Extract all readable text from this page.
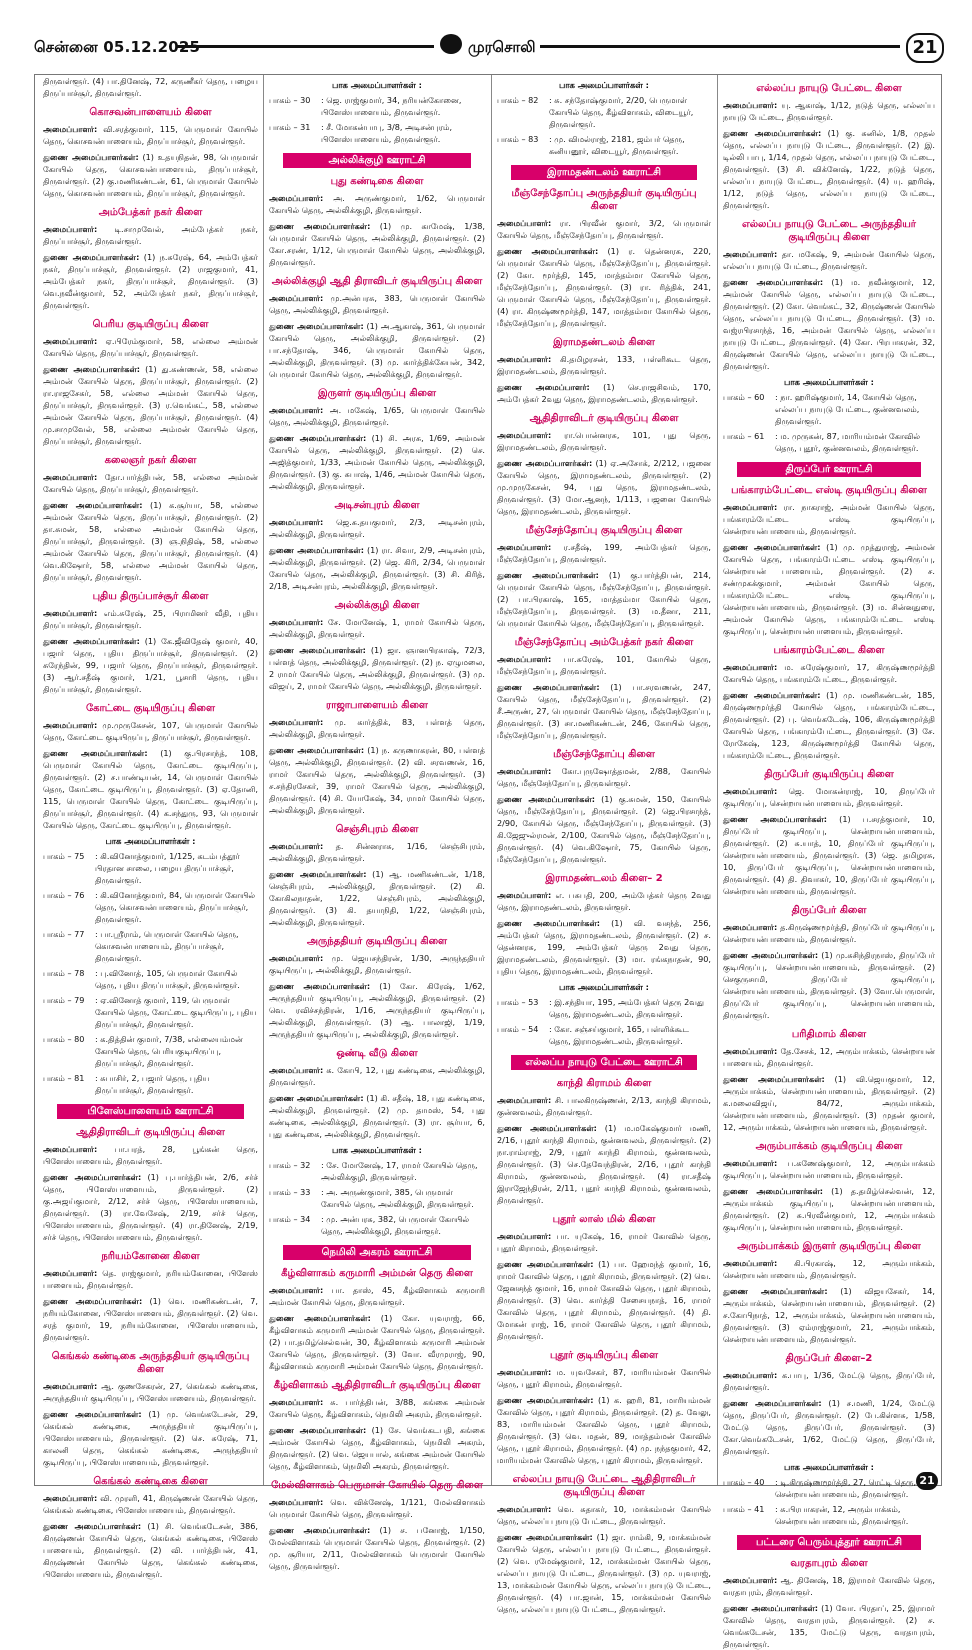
சென்னை 05.12.2025	முரசொலி	21

திருவள்ளூர். (4) பா.தினேஷ், 72, கருணீகர் தெரு, பழைய திருப்பாச்சூர், திருவள்ளூர்.

கொசவன்பாளையம் கிளை

அமைப்பாளர்: வி.சரத்குமார், 115, பெருமாள் கோயில் தெரு, கொசவன்பாளையம், திருப்பாச்சூர், திருவள்ளூர்.

துணை அமைப்பாளர்கள்: (1) உதயநிதன், 98, பெருமாள் கோயில் தெரு, கொசவன்பாளையம், திருப்பாச்சூர், திருவள்ளூர். (2) கு.மணிகண்டன், 61, பெருமாள் கோயில் தெரு, கொசவன்பாளையம், திருப்பாச்சூர், திருவள்ளூர்.

அம்பேத்கர் நகர் கிளை

அமைப்பாளர்: டி.சாமுவேல், அம்பேத்கர் நகர், திருப்பாச்சூர், திருவள்ளூர்.

துணை அமைப்பாளர்கள்: (1) ந.சுரேஷ், 64, அம்பேத்கர் நகர், திருப்பாச்சூர், திருவள்ளூர். (2) ராஜகுமார், 41, அம்பேத்கர் நகர், திருப்பாச்சூர், திருவள்ளூர். (3) வெ.நவீன்குமார், 52, அம்பேத்கர் நகர், திருப்பாச்சூர், திருவள்ளூர்.

பெரிய குடியிருப்பு கிளை

அமைப்பாளர்: ஏ.பிரேம்குமார், 58, எல்லை அம்மன் கோயில் தெரு, திருப்பாச்சூர், திருவள்ளூர்.

துணை அமைப்பாளர்கள்: (1) து.கண்ணன், 58, எல்லை அம்மன் கோயில் தெரு, திருப்பாச்சூர், திருவள்ளூர். (2) ரா.ராஜசேகர், 58, எல்லை அம்மன் கோயில் தெரு, திருப்பாச்சூர், திருவள்ளூர். (3) ர.வெங்கட், 58, எல்லை அம்மன் கோயில் தெரு, திருப்பாச்சூர், திருவள்ளூர். (4) மு.சாமுவேல், 58, எல்லை அம்மன் கோயில் தெரு, திருப்பாச்சூர், திருவள்ளூர்.

கலைஞர் நகர் கிளை

அமைப்பாளர்: தோ.பார்த்திபன், 58, எல்லை அம்மன் கோயில் தெரு, திருப்பாச்சூர், திருவள்ளூர்.

துணை அமைப்பாளர்கள்: (1) க.சூர்யா, 58, எல்லை அம்மன் கோயில் தெரு, திருப்பாச்சூர், திருவள்ளூர். (2) தா.சுமன், 58, எல்லை அம்மன் கோயில் தெரு, திருப்பாச்சூர், திருவள்ளூர். (3) ஞ.நிதிஷ், 58, எல்லை அம்மன் கோயில் தெரு, திருப்பாச்சூர், திருவள்ளூர். (4) வெ.கிஷோர், 58, எல்லை அம்மன் கோயில் தெரு, திருப்பாச்சூர், திருவள்ளூர்.

புதிய திருப்பாச்சூர் கிளை

அமைப்பாளர்: எம்.சுரேஷ், 25, பிராமினர் வீதி, புதிய திருப்பாச்சூர், திருவள்ளூர்.

துணை அமைப்பாளர்கள்: (1) கே.ஜீவிதேஷ் குமார், 40, பஜார் தெரு, புதிய திருப்பாச்சூர், திருவள்ளூர். (2) சுரேந்தின், 99, பஜார் தெரு, திருப்பாச்சூர், திருவள்ளூர். (3) ஆர்.சதீஷ் குமார், 1/21, பூசாரி தெரு, புதிய திருப்பாச்சூர், திருவள்ளூர்.

கோட்டை குடியிருப்பு கிளை

அமைப்பாளர்: மு.முருகேசன், 107, பெருமாள் கோயில் தெரு, கோட்டை குடியிருப்பு, திருப்பாச்சூர், திருவள்ளூர்.

துணை அமைப்பாளர்கள்: (1) கு.பிரசாந்த், 108, பெருமாள் கோயில் தெரு, கோட்டை குடியிருப்பு, திருவள்ளூர். (2) ச.பாண்டியன், 14, பெருமாள் கோயில் தெரு, கோட்டை குடியிருப்பு, திருவள்ளூர். (3) ஏ.தோனி, 115, பெருமாள் கோயில் தெரு, கோட்டை குடியிருப்பு, திருப்பாச்சூர், திருவள்ளூர். (4) க.சந்துரு, 93, பெருமாள் கோயில் தெரு, கோட்டை குடியிருப்பு, திருவள்ளூர்.

பாக அமைப்பாளர்கள் :
பாகம் – 75	: கி.வினோத்குமார், 1/125, கடம்பத்தூர் பிரதான சாலை, பழைய திருப்பாச்சூர், திருவள்ளூர்.
பாகம் – 76	: கி.வினோத்குமார், 84, பெருமாள் கோயில் தெரு, கொசவன்பாளையம், திருப்பாச்சூர், திருவள்ளூர்.
பாகம் – 77	: பா.ஸ்ரீராம், பெருமாள் கோயில் தெரு, கொசவன்பாளையம், திருப்பாச்சூர், திருவள்ளூர்.
பாகம் – 78	: பு.வினோத், 105, பெருமாள் கோயில் தெரு, புதிய திருப்பாச்சூர், திருவள்ளூர்.
பாகம் – 79	: ஏ.வினோத் குமார், 119, பெருமாள் கோயில் தெரு, கோட்டை குடியிருப்பு, புதிய திருப்பாச்சூர், திருவள்ளூர்.
பாகம் – 80	: க.தித்தின் குமார், 7/38, எல்லையம்மன் கோயில் தெரு, பெரியகுடியிருப்பு, திருப்பாச்சூர், திருவள்ளூர்.
பாகம் – 81	: சுபாசிர், 2, பஜார் தெரு, புதிய திருப்பாச்சூர், திருவள்ளூர்.
பிளேஸ்பாளையம் ஊராட்சி
ஆதிதிராவிடர் குடியிருப்பு கிளை

அமைப்பாளர்: பா.பரத், 28, பூங்கன் தெரு, பிளேஸ்பாளையம், திருவள்ளூர்.

துணை அமைப்பாளர்கள்: (1) பு.பார்த்திபன், 2/6, சர்ச் தெரு, பிளேஸ்பாளையம், திருவள்ளூர். (2) கு.அஜய்குமார், 2/12, சர்ச் தெரு, பிளேஸ்பாளையம், திருவள்ளூர். (3) ரா.வேசேஷ், 2/19, சர்ச் தெரு, பிளேஸ்பாளையம், திருவள்ளூர். (4) ரா.தினேஷ், 2/19, சர்ச் தெரு, பிளேஸ்பாளையம், திருவள்ளூர்.

நரியம்கோனை கிளை

அமைப்பாளர்: தெ. ராஜ்குமார், நரியம்கோனை, பிளேஸ் பாளையம், திருவள்ளூர்.

துணை அமைப்பாளர்கள்: (1) வெ. மணிகண்டன், 7, நரியம்கோனை, பிளேஸ்பாளையம், திருவள்ளூர். (2) வெ. சரத் குமார், 19, நரியம்கோனை, பிளேஸ்பாளையம், திருவள்ளூர்.

கெங்கல் கண்டிகை அருந்ததியர் குடியிருப்பு கிளை

அமைப்பாளர்: ஆ. குணசேகரன், 27, கெங்கல் கண்டிகை, அருந்ததியர் குடியிருப்பு, பிளேஸ்பாளையம், திருவள்ளூர்.

துணை அமைப்பாளர்கள்: (1) மு. வெங்கடேசன், 29, கெங்கல் கண்டிகை, அருந்ததியர் குடியிருப்பு, பிளேஸ்பாளையம், திருவள்ளூர். (2) செ. சுரேஷ், 71, காலனி தெரு, கெங்கல் கண்டிகை, அருந்ததியர் குடியிருப்பு, பிளேஸ்பாளையம், திருவள்ளூர்.

கெங்கல் கண்டிகை கிளை

அமைப்பாளர்: வி. முரளி, 41, கிருஷ்ணன் கோயில் தெரு, கெங்கல் கண்டிகை, பிளேஸ்பாளையம், திருவள்ளூர்.

துணை அமைப்பாளர்கள்: (1) சி. வெங்கடேசன், 386, கிருஷ்ணன் கோயில் தெரு, கெங்கல் கண்டிகை, பிளேஸ் பாளையம், திருவள்ளூர். (2) வி. பார்த்திபன், 41, கிருஷ்ணன் கோயில் தெரு, கெங்கல் கண்டிகை, பிளேஸ்பாளையம், திருவள்ளூர்.

பாக அமைப்பாளர்கள் :
பாகம் – 30	: ஜெ. ராஜ்குமார், 34, நரியன்கோனை, பிளேஸ்பாளையம், திருவள்ளூர்.
பாகம் – 31	: சீ. மோகன்பாபு, 3/8, அடிசன்புரம், பிளேஸ்பாளையம், திருவள்ளூர்.
அல்லிக்குழி ஊராட்சி
புது கண்டிகை கிளை

அமைப்பாளர்: அ. அருண்குமார், 1/62, பெருமாள் கோயில் தெரு, அல்லிக்குழி, திருவள்ளூர்.

துணை அமைப்பாளர்கள்: (1) மு. காமேஷ், 1/38, பெருமாள் கோயில் தெரு, அல்லிக்குழி, திருவள்ளூர். (2) கோ.சரண், 1/12, பெருமாள் கோயில் தெரு, அல்லிக்குழி, திருவள்ளூர்.

அல்லிக்குழி ஆதி திராவிடர் குடியிருப்பு கிளை

அமைப்பாளர்: மு.அன்பரசு, 383, பெருமாள் கோயில் தெரு, அல்லிக்குழி, திருவள்ளூர்.

துணை அமைப்பாளர்கள்: (1) அ.ஆகாஷ், 361, பெருமாள் கோயில் தெரு, அல்லிக்குழி, திருவள்ளூர். (2) பா.சந்தோஷ், 346, பெருமாள் கோயில் தெரு, அல்லிக்குழி, திருவள்ளூர். (3) மு. கார்த்திக்கேயன், 342, பெருமாள் கோயில் தெரு, அல்லிக்குழி, திருவள்ளூர்.

இருளர் குடியிருப்பு கிளை

அமைப்பாளர்: அ. மகேஷ், 1/65, பெருமாள் கோயில் தெரு, அல்லிக்குழி, திருவள்ளூர்.

துணை அமைப்பாளர்கள்: (1) சி. அரசு, 1/69, அம்மன் கோயில் தெரு, அல்லிக்குழி, திருவள்ளூர். (2) செ. அஜித்குமார், 1/33, அம்மன் கோயில் தெரு, அல்லிக்குழி, திருவள்ளூர். (3) கு. சுபாஷ், 1/46, அம்மன் கோயில் தெரு, அல்லிக்குழி, திருவள்ளூர்.

அடிசன்புரம் கிளை

அமைப்பாளர்: ஜெ.சு.தயகுமார், 2/3, அடிசன்புரம், அல்லிக்குழி, திருவள்ளூர்.

துணை அமைப்பாளர்கள்: (1) ரா. சிவா, 2/9, அடிசன்புரம், அல்லிக்குழி, திருவள்ளூர். (2) ஜெ. கிரி, 2/34, பெருமாள் கோயில் தெரு, அல்லிக்குழி, திருவள்ளூர். (3) சி. கிரித், 2/18, அடிசன்புரம், அல்லிக்குழி, திருவள்ளூர்.

அல்லிக்குழி கிளை

அமைப்பாளர்: சே. மோனேஷ், 1, ராமர் கோயில் தெரு, அல்லிக்குழி, திருவள்ளூர்.

துணை அமைப்பாளர்கள்: (1) ஜா. ஞானபிரகாஷ், 72/3, பள்ளத் தெரு, அல்லிக்குழி, திருவள்ளூர். (2) ந. ஏழுமலை, 2 ராமர் கோயில் தெரு, அல்லிக்குழி, திருவள்ளூர். (3) மு. விஜய், 2, ராமர் கோயில் தெரு, அல்லிக்குழி, திருவள்ளூர்.

ராஜாபாளையம் கிளை

அமைப்பாளர்: மு. கார்த்திக், 83, பள்ளத் தெரு, அல்லிக்குழி, திருவள்ளூர்.

துணை அமைப்பாளர்கள்: (1) ந. கருணாகரன், 80, பள்ளத் தெரு, அல்லிக்குழி, திருவள்ளூர். (2) வி. சரவணன், 16, ராமர் கோயில் தெரு, அல்லிக்குழி, திருவள்ளூர். (3) ச.சந்திரசேகர், 39, ராமர் கோயில் தெரு, அல்லிக்குழி, திருவள்ளூர். (4) சி. யோகேஷ், 34, ராமர் கோயில் தெரு, அல்லிக்குழி, திருவள்ளூர்.

செஞ்சிபுரம் கிளை

அமைப்பாளர்: த. சின்னராசு, 1/16, செஞ்சிபுரம், அல்லிக்குழி, திருவள்ளூர்.

துணை அமைப்பாளர்கள்: (1) ஆ. மணிகண்டன், 1/18, செஞ்சிபுரம், அல்லிக்குழி, திருவள்ளூர். (2) கி. கோகிலநாதன், 1/22, செஞ்சிபுரம், அல்லிக்குழி, திருவள்ளூர். (3) கி. தயாநிதி, 1/22, செஞ்சிபுரம், அல்லிக்குழி, திருவள்ளூர்.

அருந்ததியர் குடியிருப்பு கிளை

அமைப்பாளர்: மு. ஜெயசந்திரன், 1/30, அருந்ததியர் குடியிருப்பு, அல்லிக்குழி, திருவள்ளூர்.

துணை அமைப்பாளர்கள்: (1) கோ. கிரேஷ், 1/62, அருந்ததியர் குடியிருப்பு, அல்லிக்குழி, திருவள்ளூர். (2) வெ. ரவிச்சந்திரன், 1/16, அருந்ததியர் குடியிருப்பு, அல்லிக்குழி, திருவள்ளூர். (3) ஆ. பாலாஜி, 1/19, அருந்ததியர் குடியிருப்பு, அல்லிக்குழி, திருவள்ளூர்.

ஒண்டி வீடு கிளை

அமைப்பாளர்: க. கோபி, 12, புது கண்டிகை, அல்லிக்குழி, திருவள்ளூர்.

துணை அமைப்பாளர்கள்: (1) கி. சதீஷ், 18, புது கண்டிகை, அல்லிக்குழி, திருவள்ளூர். (2) மு. தாமஸ், 54, புது கண்டிகை, அல்லிக்குழி, திருவள்ளூர். (3) ரா. சூர்யா, 6, புது கண்டிகை, அல்லிக்குழி, திருவள்ளூர்.

பாக அமைப்பாளர்கள் :
பாகம் – 32	: சே. மோனேஷ், 17, ராமர் கோயில் தெரு, அல்லிக்குழி, திருவள்ளூர்.
பாகம் – 33	: அ. அருண்குமார், 385, பெருமாள் கோயில் தெரு, அல்லிக்குழி, திருவள்ளூர்.
பாகம் – 34	: மு. அன்பரசு, 382, பெருமாள் கோயில் தெரு, அல்லிக்குழி, திருவள்ளூர்.
நெமிலி அகரம் ஊராட்சி
கீழ்விளாகம் கருமாரி அம்மன் தெரு கிளை

அமைப்பாளர்: பா. தாஸ், 45, கீழ்விளாகம் கருமாரி அம்மன் கோயில் தெரு, திருவள்ளூர்.

துணை அமைப்பாளர்கள்: (1) கோ. யுவராஜ், 66, கீழ்விளாகம் கருமாரி அம்மன் கோயில் தெரு, திருவள்ளூர். (2) பா.தமிழ்செல்வன், 30, கீழ்விளாகம் கருமாரி அம்மன் கோயில் தெரு, திருவள்ளூர். (3) வோ. வீரமுராஜ், 90, கீழ்விளாகம் கருமாரி அம்மன் கோயில் தெரு, திருவள்ளூர்.

கீழ்விளாகம் ஆதிதிராவிடர் குடியிருப்பு கிளை

அமைப்பாளர்: சு. பார்த்திபன், 3/88, கங்கை அம்மன் கோயில் தெரு, கீழ்விளாகம், நெமிலி அகரம், திருவள்ளூர்.

துணை அமைப்பாளர்கள்: (1) சே. வெங்கடபதி, கங்கை அம்மன் கோயில் தெரு, கீழ்விளாகம், நெமிலி அகரம், திருவள்ளூர். (2) வெ. ஜெயபால், கங்கை அம்மன் கோயில் தெரு, கீழ்விளாகம், நெமிலி அகரம், திருவள்ளூர்.

மேல்விளாகம் பெருமாள் கோயில் தெரு கிளை

அமைப்பாளர்: வெ. விக்னேஷ், 1/121, மேல்விளாகம் பெருமாள் கோயில் தெரு, திருவள்ளூர்.

துணை அமைப்பாளர்கள்: (1) ச. பனோஜ், 1/150, மேல்விளாகம் பெருமாள் கோயில் தெரு, திருவள்ளூர். (2) மு. சூரியா, 2/11, மேல்விளாகம் பெருமாள் கோயில் தெரு, திருவள்ளூர்.

பாக அமைப்பாளர்கள் :
பாகம் – 82	: சு. சந்தோஷ்குமார், 2/20, பெருமாள் கோயில் தெரு, கீழ்விளாகம், விடையூர், திருவள்ளூர்.
பாகம் – 83	: மு. விமல்ராஜ், 2181, ஜம்பர் தெரு, கனியனூர், விடையூர், திருவள்ளூர்.
இராமதண்டலம் ஊராட்சி
மீஞ்சேந்தோப்பு அருந்ததியர் குடியிருப்பு கிளை

அமைப்பாளர்: ரா. பிரவீன் குமார், 3/2, பெருமாள் கோயில் தெரு, மீஞ்சேந்தோப்பு, திருவள்ளூர்.

துணை அமைப்பாளர்கள்: (1) ர. தென்னரசு, 220, பெருமாள் கோயில் தெரு, மீஞ்சேந்தோப்பு, திருவள்ளூர். (2) கோ. மூர்த்தி, 145, மாத்தம்மா கோயில் தெரு, மீஞ்சேந்தோப்பு, திருவள்ளூர். (3) ரா. ரித்திக், 241, பெருமாள் கோயில் தெரு, மீஞ்சேந்தோப்பு, திருவள்ளூர். (4) ரா. கிருஷ்ணமூர்த்தி, 147, மாத்தம்மா கோயில் தெரு, மீஞ்சேந்தோப்பு, திருவள்ளூர்.

இராமதண்டலம் கிளை

அமைப்பாளர்: கி.தமிழரசன், 133, பள்ளிகூட தெரு, இராமதண்டலம், திருவள்ளூர்.

துணை அமைப்பாளர்: (1) செ.ராஜசிவம், 170, அம்பேத்கர் 2வது தெரு, இராமதண்டலம், திருவள்ளூர்.

ஆதிதிராவிடர் குடியிருப்பு கிளை

அமைப்பாளர்: ரா.பொன்னரசு, 101, புது தெரு, இராமதண்டலம், திருவள்ளூர்.

துணை அமைப்பாளர்கள்: (1) ஏ.அசோக், 2/212, பஜனை கோயில் தெரு, இராமதண்டலம், திருவள்ளூர். (2) மு.முருகேசன், 94, புது தெரு, இராமதண்டலம், திருவள்ளூர். (3) மோ.ஆனந், 1/113, பஜனை கோயில் தெரு, இராமதண்டலம், திருவள்ளூர்.

மீஞ்சேந்தோப்பு குடியிருப்பு கிளை

அமைப்பாளர்: ர.சதீஷ், 199, அம்பேத்கர் தெரு, மீஞ்சேந்தோப்பு, திருவள்ளூர்.

துணை அமைப்பாளர்கள்: (1) கு.பார்த்திபன், 214, பெருமாள் கோயில் தெரு, மீஞ்சேந்தோப்பு, திருவள்ளூர். (2) பா.பிரகாஷ், 165, மாத்தம்மா கோயில் தெரு, மீஞ்சேந்தோப்பு, திருவள்ளூர். (3) ம.தீனா, 211, பெருமாள் கோயில் தெரு, மீஞ்சேந்தோப்பு, திருவள்ளூர்.

மீஞ்சேந்தோப்பு அம்பேத்கர் நகர் கிளை

அமைப்பாளர்: பா.சுரேஷ், 101, கோயில் தெரு, மீஞ்சேந்தோப்பு, திருவள்ளூர்.

துணை அமைப்பாளர்கள்: (1) பா.சரவணன், 247, கோயில் தெரு, மீஞ்சேந்தோப்பு, திருவள்ளூர். (2) சீ.அருண், 27, பெருமாள் கோயில் தெரு, மீஞ்சேந்தோப்பு, திருவள்ளூர். (3) சா.மணிகண்டன், 246, கோயில் தெரு, மீஞ்சேந்தோப்பு, திருவள்ளூர்.

மீஞ்சேந்தோப்பு கிளை

அமைப்பாளர்: கோ.புருஷோத்தமன், 2/88, கோயில் தெரு, மீஞ்சேந்தோப்பு, திருவள்ளூர்.

துணை அமைப்பாளர்கள்: (1) கு.சுமன், 150, கோயில் தெரு, மீஞ்சேந்தோப்பு, திருவள்ளூர். (2) ஜெ.பிரசாந்த், 2/90, கோயில் தெரு, மீஞ்சேந்தோப்பு, திருவள்ளூர். (3) கி.ஜேஜுல்ரமன், 2/100, கோயில் தெரு, மீஞ்சேந்தோப்பு, திருவள்ளூர். (4) வெ.கிஷோர், 75, கோயில் தெரு, மீஞ்சேந்தோப்பு, திருவள்ளூர்.

இராமதண்டலம் கிளை– 2

அமைப்பாளர்: எ. பசுபதி, 200, அம்பேத்கர் தெரு 2வது தெரு, இராமதண்டலம், திருவள்ளூர்.

துணை அமைப்பாளர்கள்: (1) வி. வசந்த், 256, அம்பேத்கர் தெரு, இராமதண்டலம், திருவள்ளூர். (2) ச. தென்னரசு, 199, அம்பேத்கர் தெரு 2வது தெரு, இராமதண்டலம், திருவள்ளூர். (3) மா. ரங்கநாதன், 90, புதிய தெரு, இராமதண்டலம், திருவள்ளூர்.

பாக அமைப்பாளர்கள் :
பாகம் – 53	: இ.சந்தியா, 195, அம்பேத்கர் தெரு 2வது தெரு, இராமதண்டலம், திருவள்ளூர்.
பாகம் – 54	: கோ. சஞ்சய்குமார், 165, பள்ளிக்கூட தெரு, இராமதண்டலம், திருவள்ளூர்.
எல்லப்ப நாயுடு பேட்டை ஊராட்சி
காந்தி கிராமம் கிளை

அமைப்பாளர்: சி. பாலகிருஷ்ணன், 2/13, காந்தி கிராமம், குன்னவலம், திருவள்ளூர்.

துணை அமைப்பாளர்கள்: (1) ம.மகேஷ்குமார் மணி, 2/16, புதூர் காந்தி கிராமம், குன்னவலம், திருவள்ளூர். (2) நா.ராம்ராஜ், 2/9, புதூர் காந்தி கிராமம், குன்னவலம், திருவள்ளூர். (3) செ.தேவேந்திரன், 2/16, புதூர் காந்தி கிராமம், குன்னவலம், திருவள்ளூர். (4) ரா.சதீஷ் இராஜேந்திரன், 2/11, புதூர் காந்தி கிராமம், குன்னவலம், திருவள்ளூர்.

புதூர் லாஸ் மில் கிளை

அமைப்பாளர்: பா. யுகேஷ், 16, ராமர் கோவில் தெரு, புதூர் கிராமம், திருவள்ளூர்.

துணை அமைப்பாளர்கள்: (1) பா. ஹேமந்த் குமார், 16, ராமர் கோவில் தெரு, புதூர் கிராமம், திருவள்ளூர். (2) வெ. ஜேனசந்த் குமார், 16, ராமர் கோவில் தெரு, புதூர் கிராமம், திருவள்ளூர். (3) வெ. கார்த்தி சேசையநாத், 16, ராமர் கோவில் தெரு, புதூர் கிராமம், திருவள்ளூர். (4) தி. மோகன் ராஜ், 16, ராமர் கோவில் தெரு, புதூர் கிராமம், திருவள்ளூர்.

புதூர் குடியிருப்பு கிளை

அமைப்பாளர்: ம. யுவசேகர், 87, மாரியம்மன் கோயில் தெரு, புதூர் கிராமம், திருவள்ளூர்.

துணை அமைப்பாளர்கள்: (1) க. ஹரி, 81, மாரியம்மன் கோவில் தெரு, புதூர் கிராமம், திருவள்ளூர். (2) த. வேலு, 83, மாரியம்மன் கோவில் தெரு, புதூர் கிராமம், திருவள்ளூர். (3) வெ. மதன், 89, மாத்தம்மன் கோவில் தெரு, புதூர் கிராமம், திருவள்ளூர். (4) மு. நந்தகுமார், 42, மாரியம்மன் கோவில் தெரு, புதூர் கிராமம், திருவள்ளூர்.

எல்லப்ப நாயுடு பேட்டை ஆதிதிராவிடர் குடியிருப்பு கிளை

அமைப்பாளர்: வெ. சுதாகர், 10, மாக்கம்மன் கோயில் தெரு, எல்லப்ப நாயுடு பேட்டை, திருவள்ளூர்.

துணை அமைப்பாளர்கள்: (1) ஜா. ராம்கி, 9, மாக்கம்மன் கோயில் தெரு, எல்லப்ப நாயுடு பேட்டை, திருவள்ளூர். (2) வெ. ரமேஷ்குமார், 12, மாக்கம்மன் கோயில் தெரு, எல்லப்ப நாயுடு பேட்டை, திருவள்ளூர். (3) மு. யுவராஜ், 13, மாக்கம்மன் கோயில் தெரு, எல்லப்ப நாயுடு பேட்டை, திருவள்ளூர். (4) பா.ஜான், 15, மாக்கம்மன் கோயில் தெரு, எல்லப்ப நாயுடு பேட்டை, திருவள்ளூர்.

எல்லப்ப நாயுடு பேட்டை கிளை

அமைப்பாளர்: யு. ஆகாஷ், 1/12, நடுத் தெரு, எல்லப்ப நாயுடு பேட்டை, திருவள்ளூர்.

துணை அமைப்பாளர்கள்: (1) கு. சுனில், 1/8, முதல் தெரு, எல்லப்ப நாயுடு பேட்டை, திருவள்ளூர். (2) இ. டில்லி பாபு, 1/14, முதல் தெரு, எல்லப்ப நாயுடு பேட்டை, திருவள்ளூர். (3) சி. விக்னேஷ், 1/22, நடுத் தெரு, எல்லப்ப நாயுடு பேட்டை, திருவள்ளூர். (4) யு. ஹரிஷ், 1/12, நடுத் தெரு, எல்லப்ப நாயுடு பேட்டை, திருவள்ளூர்.

எல்லப்ப நாயுடு பேட்டை அருந்ததியர் குடியிருப்பு கிளை

அமைப்பாளர்: தா. மகேஷ், 9, அம்மன் கோயில் தெரு, எல்லப்ப நாயுடு பேட்டை, திருவள்ளூர்.

துணை அமைப்பாளர்கள்: (1) ம. நவீன்குமார், 12, அம்மன் கோயில் தெரு, எல்லப்ப நாயுடு பேட்டை, திருவள்ளூர். (2) கோ. வெங்கட், 32, கிருஷ்ணன் கோயில் தெரு, எல்லப்ப நாயுடு பேட்டை, திருவள்ளூர். (3) ம. வஜ்ரபிரசாந்த், 16, அம்மன் கோயில் தெரு, எல்லப்ப நாயுடு பேட்டை, திருவள்ளூர். (4) கோ. பிரபாகரன், 32, கிருஷ்ணன் கோயில் தெரு, எல்லப்ப நாயுடு பேட்டை, திருவள்ளூர்.

பாக அமைப்பாளர்கள் :
பாகம் – 60	: நா. ஹரிஷ்குமார், 14, கோயில் தெரு, எல்லப்ப நாயுடு பேட்டை, குன்னவலம், திருவள்ளூர்.
பாகம் – 61	: ம. முருகன், 87, மாரியம்மன் கோவில் தெரு, புதூர், குன்னவலம், திருவள்ளூர்.
திருப்பேர் ஊராட்சி
பங்காரம்பேட்டை எஸ்டி குடியிருப்பு கிளை

அமைப்பாளர்: ரா. நாகராஜ், அம்மன் கோயில் தெரு, பங்காரம்பேட்டை எஸ்டி குடியிருப்பு, சென்றாயன்பாளையம், திருவள்ளூர்.

துணை அமைப்பாளர்கள்: (1) மு. முத்துராஜ், அம்மன் கோயில் தெரு, பங்காரம்பேட்டை எஸ்டி குடியிருப்பு, சென்றாயன் பாளையம், திருவள்ளூர். (2) ச. சண்முகக்குமார், அம்மன் கோயில் தெரு, பங்காரம்பேட்டை எஸ்டி குடியிருப்பு, சென்றாயன்பாளையம், திருவள்ளூர். (3) ம. சின்னதுரை, அம்மன் கோயில் தெரு, பங்காரம்பேட்டை எஸ்டி குடியிருப்பு, சென்றாயன்பாளையம், திருவள்ளூர்.

பங்காரம்பேட்டை கிளை

அமைப்பாளர்: ம. சுரேஷ்குமார், 17, கிருஷ்ணமூர்த்தி கோயில் தெரு, பங்காரம்பேட்டை, திருவள்ளூர்.

துணை அமைப்பாளர்கள்: (1) மு. மணிகண்டன், 185, கிருஷ்ணமூர்த்தி கோயில் தெரு, பங்காரம்பேட்டை, திருவள்ளூர். (2) பு. வெங்கடேஷ், 106, கிருஷ்ணமூர்த்தி கோயில் தெரு, பங்காரம்பேட்டை, திருவள்ளூர். (3) சே. ரோகேஷ், 123, கிருஷ்ணமூர்த்தி கோயில் தெரு, பங்காரம்பேட்டை, திருவள்ளூர்.

திருப்பேர் குடியிருப்பு கிளை

அமைப்பாளர்: ஜெ. மோகன்ராஜ், 10, திருப்பேர் குடியிருப்பு, சென்றாயன்பாளையம், திருவள்ளூர்.

துணை அமைப்பாளர்கள்: (1) ப.சரத்குமார், 10, திருப்பேர் குடியிருப்பு, சென்றாயன்பாளையம், திருவள்ளூர். (2) சு.யாத், 10, திருப்பேர் குடியிருப்பு, சென்றாயன்பாளையம், திருவள்ளூர். (3) ஜெ. தமிழரசு, 10, திருப்பேர் குடியிருப்பு, சென்றாயன்பாளையம், திருவள்ளூர். (4) தி. திவாகர், 10, திருப்பேர் குடியிருப்பு, சென்றாயன்பாளையம், திருவள்ளூர்.

திருப்பேர் கிளை

அமைப்பாளர்: த.கிருஷ்ணமூர்த்தி, திருப்பேர் குடியிருப்பு, சென்றாயன்பாளையம், திருவள்ளூர்.

துணை அமைப்பாளர்கள்: (1) மு.சுசிந்திரநாஸ், திருப்பேர் குடியிருப்பு, சென்றாயன்பாளையம், திருவள்ளூர். (2) செகுருசாமி, திருப்பேர் குடியிருப்பு, சென்றாயன்பாளையம், திருவள்ளூர். (3) வோ.பெருமாள், திருப்பேர் குடியிருப்பு, சென்றாயன்பாளையம், திருவள்ளூர்.

பரிதிமாம் கிளை

அமைப்பாளர்: தே.சேசக், 12, அரும்பாக்கம், சென்றாயன் பாளையம், திருவள்ளூர்.

துணை அமைப்பாளர்கள்: (1) வி.ஜெயகுமார், 12, அரும்பாக்கம், சென்றாயன்பாளையம், திருவள்ளூர். (2) க.மலைவிஜய், 84/72, அரும்பாக்கம், சென்றாயன்பாளையம், திருவள்ளூர். (3) முதன் குமார், 12, அரும்பாக்கம், சென்றாயன்பாளையம், திருவள்ளூர்.

அரும்பாக்கம் குடியிருப்பு கிளை

அமைப்பாளர்: ப.கணேஷ்குமார், 12, அரும்பாக்கம் குடியிருப்பு, சென்றாயன்பாளையம், திருவள்ளூர்.

துணை அமைப்பாளர்கள்: (1) த.தமிழ்செல்வன், 12, அரும்பாக்கம் குடியிருப்பு, சென்றாயன்பாளையம், திருவள்ளூர். (2) சு.பிரவீன்குமார், 12, அரும்பாக்கம் குடியிருப்பு, சென்றாயன்பாளையம், திருவள்ளூர்.

அரும்பாக்கம் இருளர் குடியிருப்பு கிளை

அமைப்பாளர்: கி.பிரகாஷ், 12, அரும்பாக்கம், சென்றாயன்பாளையம், திருவள்ளூர்.

துணை அமைப்பாளர்கள்: (1) விஜயசேகர், 14, அரும்பாக்கம், சென்றாயன்பாளையம், திருவள்ளூர். (2) ச.கோபிநாத், 12, அரும்பாக்கம், சென்றாயன்பாளையம், திருவள்ளூர். (3) ஏம்ராஜ்குமார், 21, அரும்பாக்கம், சென்றாயன்பாளையம், திருவள்ளூர்.

திருப்பேர் கிளை–2

அமைப்பாளர்: க.பாபு, 1/36, மேட்டு தெரு, திருப்பேர், திருவள்ளூர்.

துணை அமைப்பாளர்கள்: (1) ச.மணி, 1/24, மேட்டு தெரு, திருப்பேர், திருவள்ளூர். (2) பே.கிள்ளசு, 1/58, மேட்டு தெரு, திருப்பேர், திருவள்ளூர். (3) கோ.வெங்கடேசன், 1/62, மேட்டு தெரு, திருப்பேர், திருவள்ளூர்.

பாக அமைப்பாளர்கள் :
பாகம் – 40	: டி.கிருஷ்ணமூர்த்தி, 27, ரெட்டி தெரு, சென்றாயன்பாளையம், திருவள்ளூர்.
பாகம் – 41	: சு.பிரபாகரன், 12, அரும்பாக்கம், சென்றாயன்பாளையம், திருவள்ளூர்.
பட்டரை பெரும்புத்தூர் ஊராட்சி
வரதாபுரம் கிளை

அமைப்பாளர்: ஆ. தினேஷ், 18, இராமர் கோவில் தெரு, வரதாபுரம், திருவள்ளூர்.

துணை அமைப்பாளர்கள்: (1) வோ. பிரதாப், 25, இராமர் கோவில் தெரு, வரதாபுரம், திருவள்ளூர். (2) ச. வெங்கடேசன், 135, மேட்டு தெரு, வரதாபுரம், திருவள்ளூர்.

21
